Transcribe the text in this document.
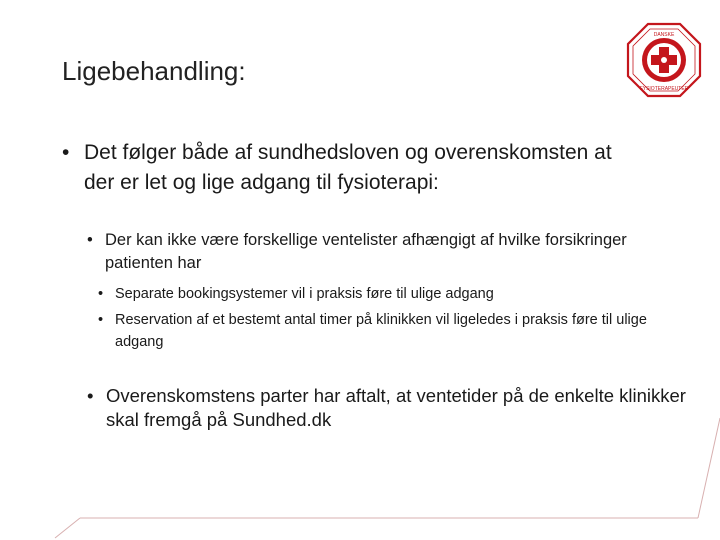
Ligebehandling:
DANSKE
FYSIOTERAPEUTER
• Det følger både af sundhedsloven og overenskomsten at der er let og lige adgang til fysioterapi:
• Der kan ikke være forskellige ventelister afhængigt af hvilke forsikringer patienten har
• Separate bookingsystemer vil i praksis føre til ulige adgang
• Reservation af et bestemt antal timer på klinikken vil ligeledes i praksis føre til ulige adgang
• Overenskomstens parter har aftalt, at ventetider på de enkelte klinikker skal fremgå på Sundhed.dk
